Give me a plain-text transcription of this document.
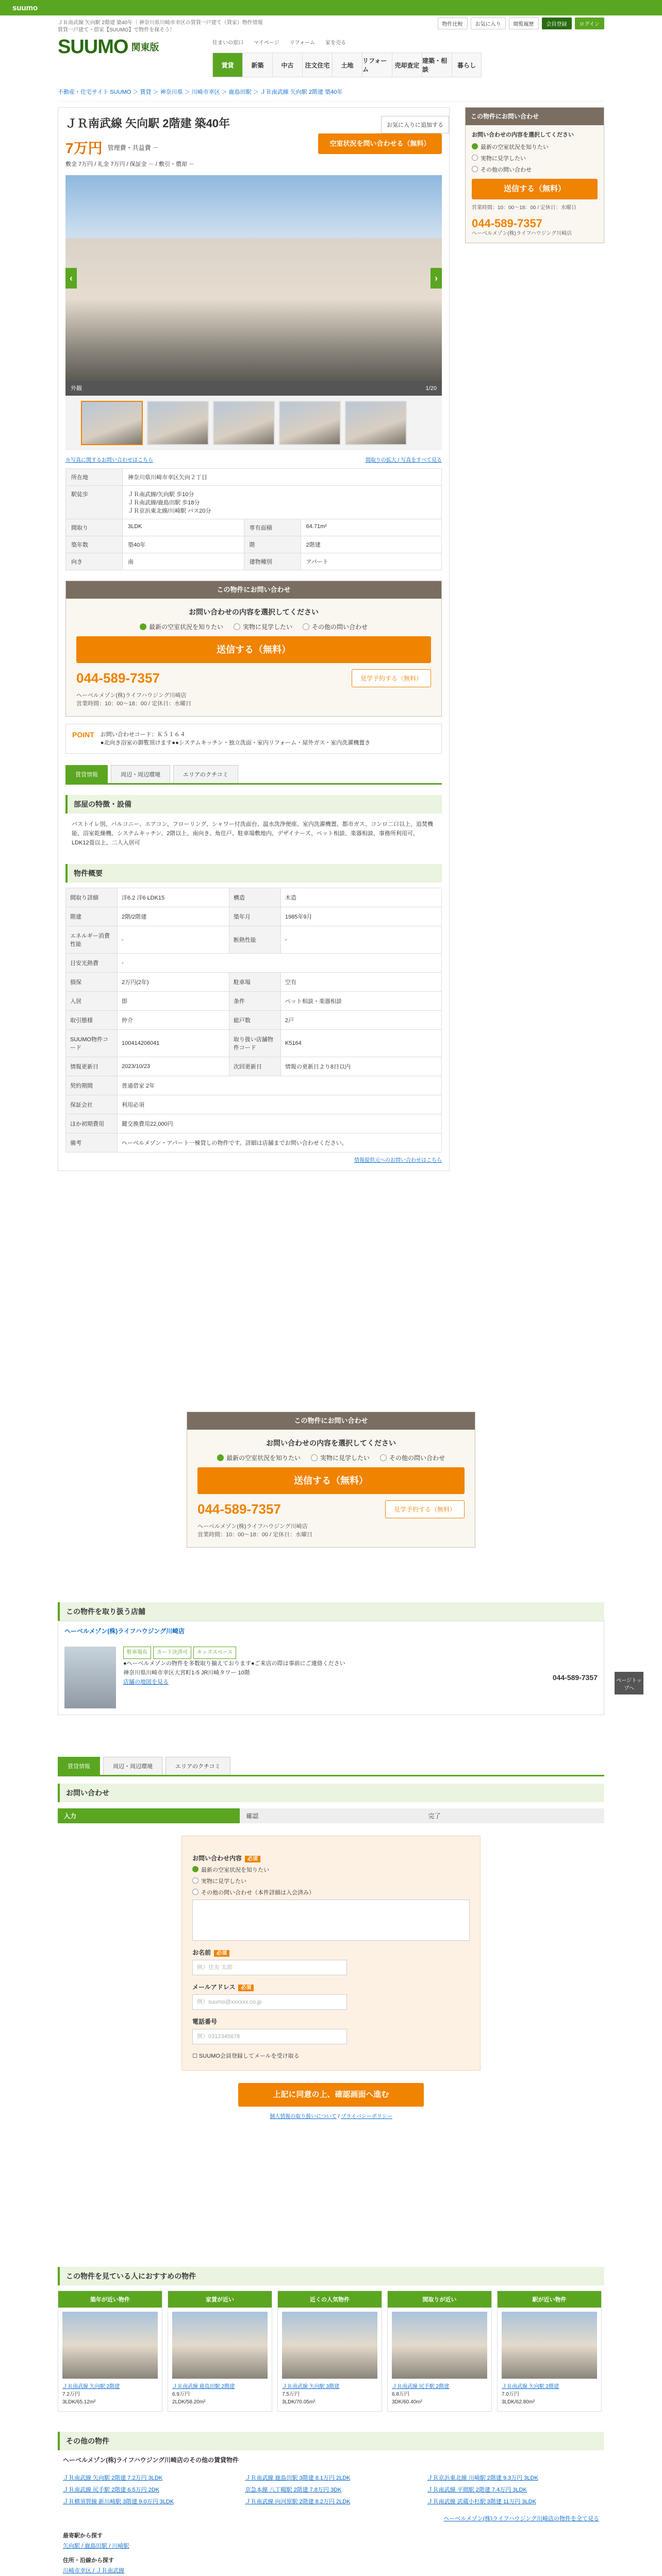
suumo
ＪＲ南武線 矢向駅 2階建 築40年 ｜神奈川県川崎市幸区の賃貸一戸建て（貸家）物件情報
賃貸一戸建て・借家【SUUMO】で物件を探そう！
SUUMO 関東版
物件比較	お気に入り	閲覧履歴	会員登録	ログイン
住まいの窓口 マイページ リフォーム 家を売る
賃貸	新築	中古	注文住宅	土地
リフォーム
売却査定
建築・相談
暮らし
不動産・住宅サイト SUUMO ＞ 賃貸 ＞ 神奈川県 ＞ 川崎市幸区 ＞ 鹿島田駅 ＞ ＪＲ南武線 矢向駅 2階建 築40年
ＪＲ南武線 矢向駅 2階建 築40年	お気に入りに追加する
7万円 管理費・共益費 －
敷金 7万円 / 礼金 7万円 / 保証金 － / 敷引・償却 －
空室状況を問い合わせる（無料）
‹	›
外観	1/20
※写真に関するお問い合わせはこちら	間取りの拡大 / 写真をすべて見る
所在地	神奈川県川崎市幸区矢向２丁目		
駅徒歩	ＪＲ南武線/矢向駅 歩10分
ＪＲ南武線/鹿島田駅 歩18分
ＪＲ京浜東北線/川崎駅 バス20分		
間取り	3LDK	専有面積	64.71m²
築年数	築40年	階	2階建
向き	南	建物種別	アパート
この物件にお問い合わせ
お問い合わせの内容を選択してください
最新の空室状況を知りたい	実物に見学したい	その他の問い合わせ
送信する（無料）
044-589-7357	見学予約する（無料）
ヘーベルメゾン(株)ライフハウジング川崎店
営業時間：10：00〜18：00 / 定休日：水曜日
POINT お問い合わせコード：Ｋ５１６４
●北向き浴室の御覧頂けます●●システムキッチン・独立洗面・室内リフォーム・屋外ガス・室内洗濯機置き
賃貸情報	周辺・周辺環境	エリアのクチコミ
部屋の特徴・設備
バストイレ別、バルコニー、エアコン、フローリング、シャワー付洗面台、温水洗浄便座、室内洗濯機置、都市ガス、コンロ二口以上、追焚機能、浴室乾燥機、システムキッチン、2階以上、南向き、角住戸、駐車場敷地内、デザイナーズ、ペット相談、楽器相談、事務所利用可、LDK12畳以上、二人入居可
物件概要
間取り詳細	洋6.2 洋6 LDK15	構造	木造
階建	2階/2階建	築年月	1985年9月
エネルギー消費性能	-	断熱性能	-
目安光熱費	-		
損保	2万円(2年)	駐車場	空有
入居	即	条件	ペット相談・楽器相談
取引態様	仲介	総戸数	2戸
SUUMO物件コード	100414206041	取り扱い店舗物件コード	K5164
情報更新日	2023/10/23	次回更新日	情報の更新日より8日以内
契約期間	普通借家 2年		
保証会社	利用必須		
ほか初期費用	鍵交換費用22,000円		
備考	ヘーベルメゾン・アパート一棟貸しの物件です。詳細は店舗までお問い合わせください。		
情報提供元へのお問い合わせはこちら
この物件にお問い合わせ
お問い合わせの内容を選択してください
最新の空室状況を知りたい
実物に見学したい
その他の問い合わせ
送信する（無料）
営業時間：10：00〜18：00 / 定休日：水曜日
044-589-7357
ヘーベルメゾン(株)ライフハウジング川崎店
この物件にお問い合わせ
お問い合わせの内容を選択してください
最新の空室状況を知りたい	実物に見学したい	その他の問い合わせ
送信する（無料）
044-589-7357	見学予約する（無料）
ヘーベルメゾン(株)ライフハウジング川崎店
営業時間：10：00〜18：00 / 定休日：水曜日
この物件を取り扱う店舗
ヘーベルメゾン(株)ライフハウジング川崎店
駐車場有 カード決済可 キッズスペース
●ヘーベルメゾンの物件を多数取り揃えております●ご来店の際は事前にご連絡ください
神奈川県川崎市幸区大宮町1-5 JR川崎タワー 10階
店舗の地図を見る
044-589-7357
賃貸情報	周辺・周辺環境	エリアのクチコミ
お問い合わせ
入力	確認	完了
お問い合わせ内容 必須
最新の空室状況を知りたい
実物に見学したい
その他の問い合わせ（本件詳細は入会済み）
お名前 必須
例）住友 太郎
メールアドレス 必須
例）suumo@xxxxxx.co.jp
電話番号
例）0312345678
☐ SUUMO会員登録してメールを受け取る
上記に同意の上、確認画面へ進む
個人情報の取り扱いについて / プライバシーポリシー
この物件を見ている人におすすめの物件
築年が近い物件
ＪＲ南武線 矢向駅 2階建
7.2万円
3LDK/65.12m²
家賃が近い
ＪＲ南武線 鹿島田駅 2階建
6.9万円
2LDK/58.20m²
近くの人気物件
ＪＲ南武線 矢向駅 3階建
7.5万円
3LDK/70.05m²
間取りが近い
ＪＲ南武線 尻手駅 2階建
6.8万円
3DK/60.40m²
駅が近い物件
ＪＲ南武線 矢向駅 2階建
7.0万円
3LDK/62.80m²
その他の物件
ヘーベルメゾン(株)ライフハウジング川崎店のその他の賃貸物件
ＪＲ南武線 矢向駅 2階建 7.2万円 3LDK	ＪＲ南武線 鹿島田駅 3階建 8.1万円 2LDK	ＪＲ京浜東北線 川崎駅 2階建 9.3万円 3LDK
ＪＲ南武線 尻手駅 2階建 6.5万円 2DK	京急本線 八丁畷駅 2階建 7.8万円 3DK	ＪＲ南武線 平間駅 2階建 7.4万円 3LDK
ＪＲ横須賀線 新川崎駅 3階建 9.0万円 3LDK	ＪＲ南武線 向河原駅 2階建 8.2万円 2LDK	ＪＲ南武線 武蔵小杉駅 3階建 11万円 3LDK
ヘーベルメゾン(株)ライフハウジング川崎店の物件を全て見る
最寄駅から探す
矢向駅 / 鹿島田駅 / 川崎駅
住所・沿線から探す
川崎市幸区 / ＪＲ南武線
ページトップへ
